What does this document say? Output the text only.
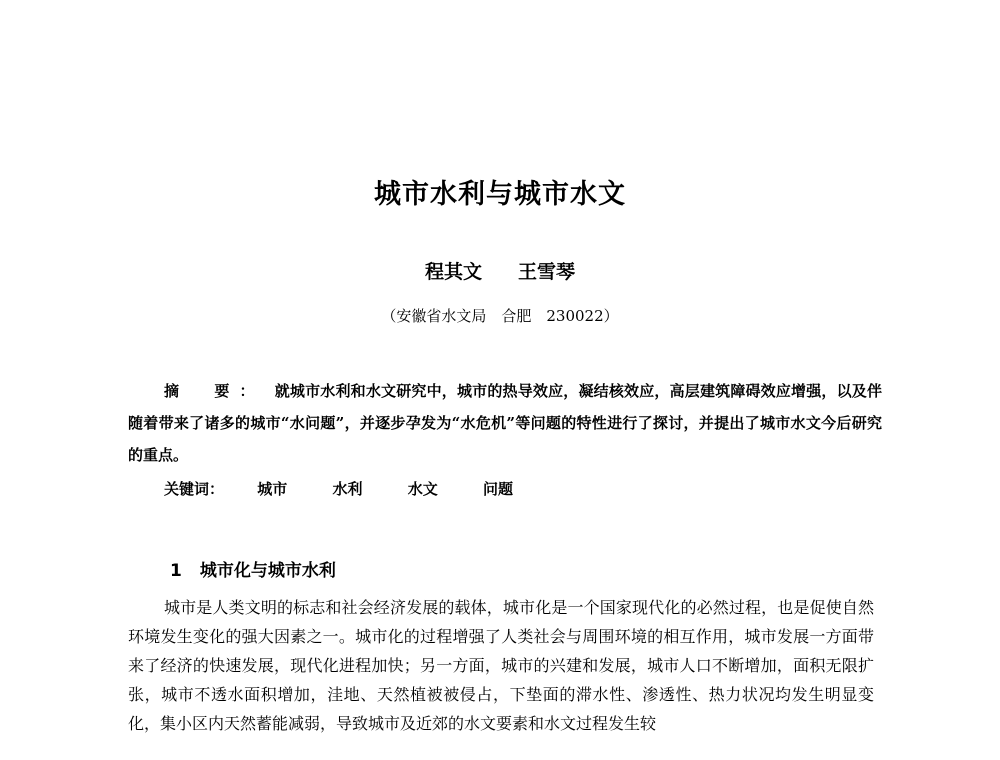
城市水利与城市水文
程其文 王雪琴
（安徽省水文局　合肥　230022）
摘　要： 就城市水利和水文研究中，城市的热导效应，凝结核效应，高层建筑障碍效应增强，以及伴随着带来了诸多的城市“水问题”，并逐步孕发为“水危机”等问题的特性进行了探讨，并提出了城市水文今后研究的重点。
关键词： 城市	水利	水文	问题
1 城市化与城市水利
城市是人类文明的标志和社会经济发展的载体，城市化是一个国家现代化的必然过程，也是促使自然环境发生变化的强大因素之一。城市化的过程增强了人类社会与周围环境的相互作用，城市发展一方面带来了经济的快速发展，现代化进程加快；另一方面，城市的兴建和发展，城市人口不断增加，面积无限扩张，城市不透水面积增加，洼地、天然植被被侵占，下垫面的滞水性、渗透性、热力状况均发生明显变化，集小区内天然蓄能减弱，导致城市及近郊的水文要素和水文过程发生较
